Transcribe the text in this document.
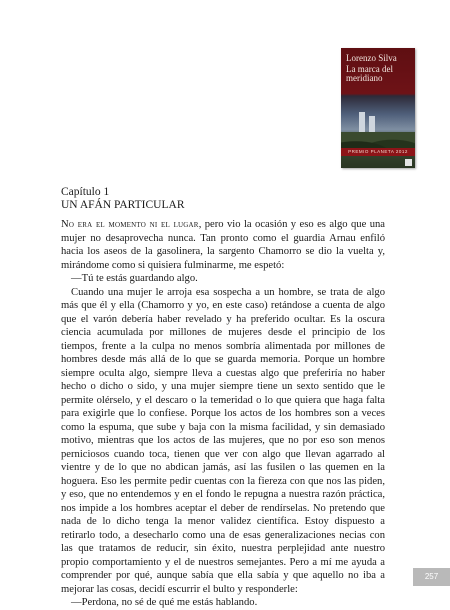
Lorenzo Silva
La marca del meridiano
PREMIO PLANETA 2012
Capítulo 1
UN AFÁN PARTICULAR

No era el momento ni el lugar, pero vio la ocasión y eso es algo que una mujer no desaprovecha nunca. Tan pronto como el guardia Arnau enfiló hacia los aseos de la gasolinera, la sargento Chamorro se dio la vuelta y, mirándome como si quisiera fulminarme, me espetó:

—Tú te estás guardando algo.

Cuando una mujer le arroja esa sospecha a un hombre, se trata de algo más que él y ella (Chamorro y yo, en este caso) retándose a cuenta de algo que el varón debería haber revelado y ha preferido ocultar. Es la oscura ciencia acumulada por millones de mujeres desde el principio de los tiempos, frente a la culpa no menos sombría alimentada por millones de hombres desde más allá de lo que se guarda memoria. Porque un hombre siempre oculta algo, siempre lleva a cuestas algo que preferiría no haber hecho o dicho o sido, y una mujer siempre tiene un sexto sentido que le permite olérselo, y el descaro o la temeridad o lo que quiera que haga falta para exigirle que lo confiese. Porque los actos de los hombres son a veces como la espuma, que sube y baja con la misma facilidad, y sin demasiado motivo, mientras que los actos de las mujeres, que no por eso son menos perniciosos cuando toca, tienen que ver con algo que llevan agarrado al vientre y de lo que no abdican jamás, así las fusilen o las quemen en la hoguera. Eso les permite pedir cuentas con la fiereza con que nos las piden, y eso, que no entendemos y en el fondo le repugna a nuestra razón práctica, nos impide a los hombres aceptar el deber de rendírselas. No pretendo que nada de lo dicho tenga la menor validez científica. Estoy dispuesto a retirarlo todo, a desecharlo como una de esas generalizaciones necias con las que tratamos de reducir, sin éxito, nuestra perplejidad ante nuestro propio comportamiento y el de nuestros semejantes. Pero a mí me ayuda a comprender por qué, aunque sabía que ella sabía y que aquello no iba a mejorar las cosas, decidí escurrir el bulto y responderle:

—Perdona, no sé de qué me estás hablando.

257
